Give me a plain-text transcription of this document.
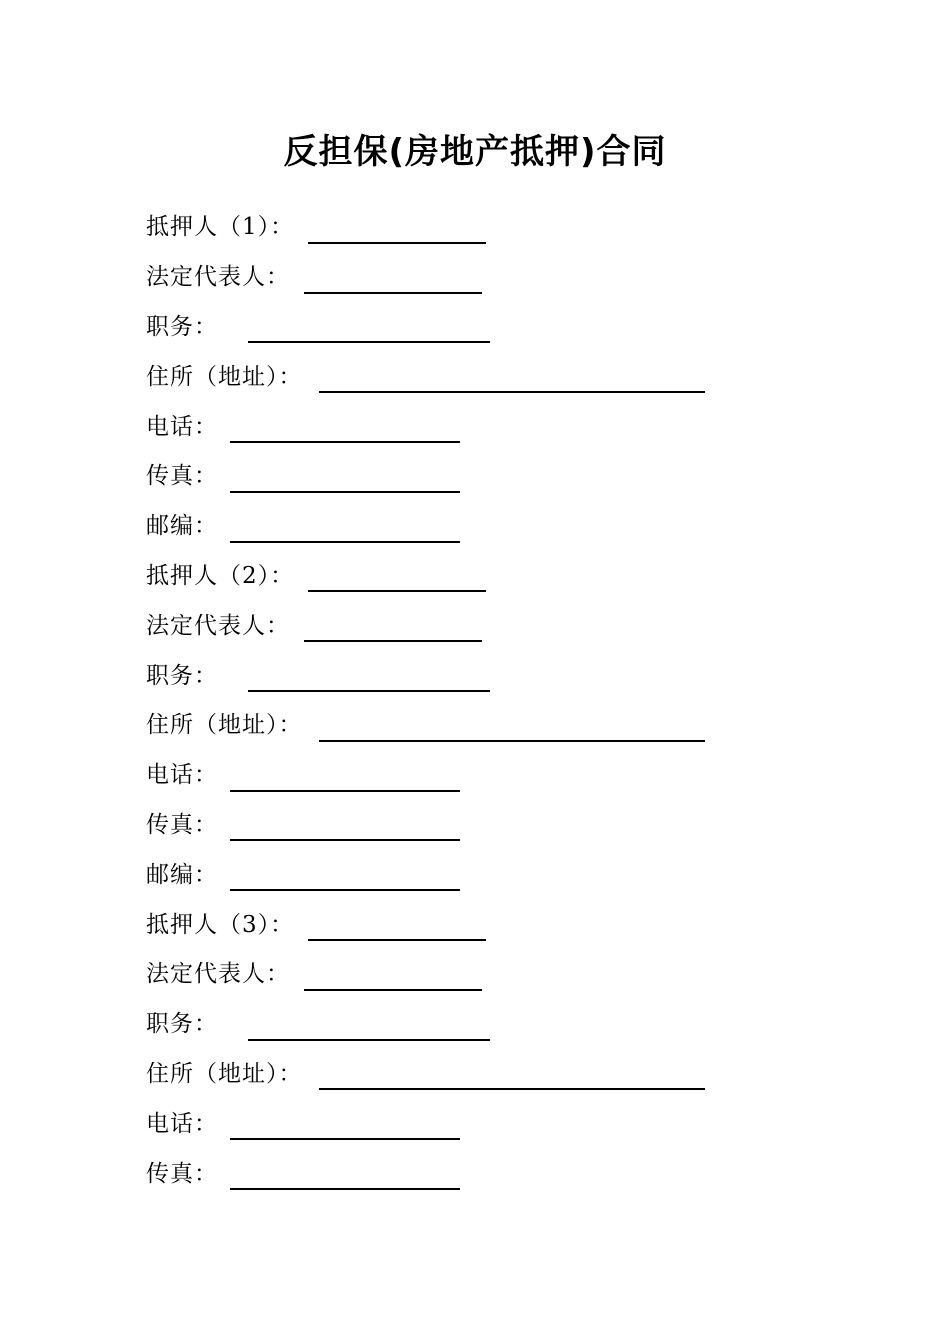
反担保(房地产抵押)合同
抵押人（1）：
法定代表人：
职务：
住所（地址）：
电话：
传真：
邮编：
抵押人（2）：
法定代表人：
职务：
住所（地址）：
电话：
传真：
邮编：
抵押人（3）：
法定代表人：
职务：
住所（地址）：
电话：
传真：
